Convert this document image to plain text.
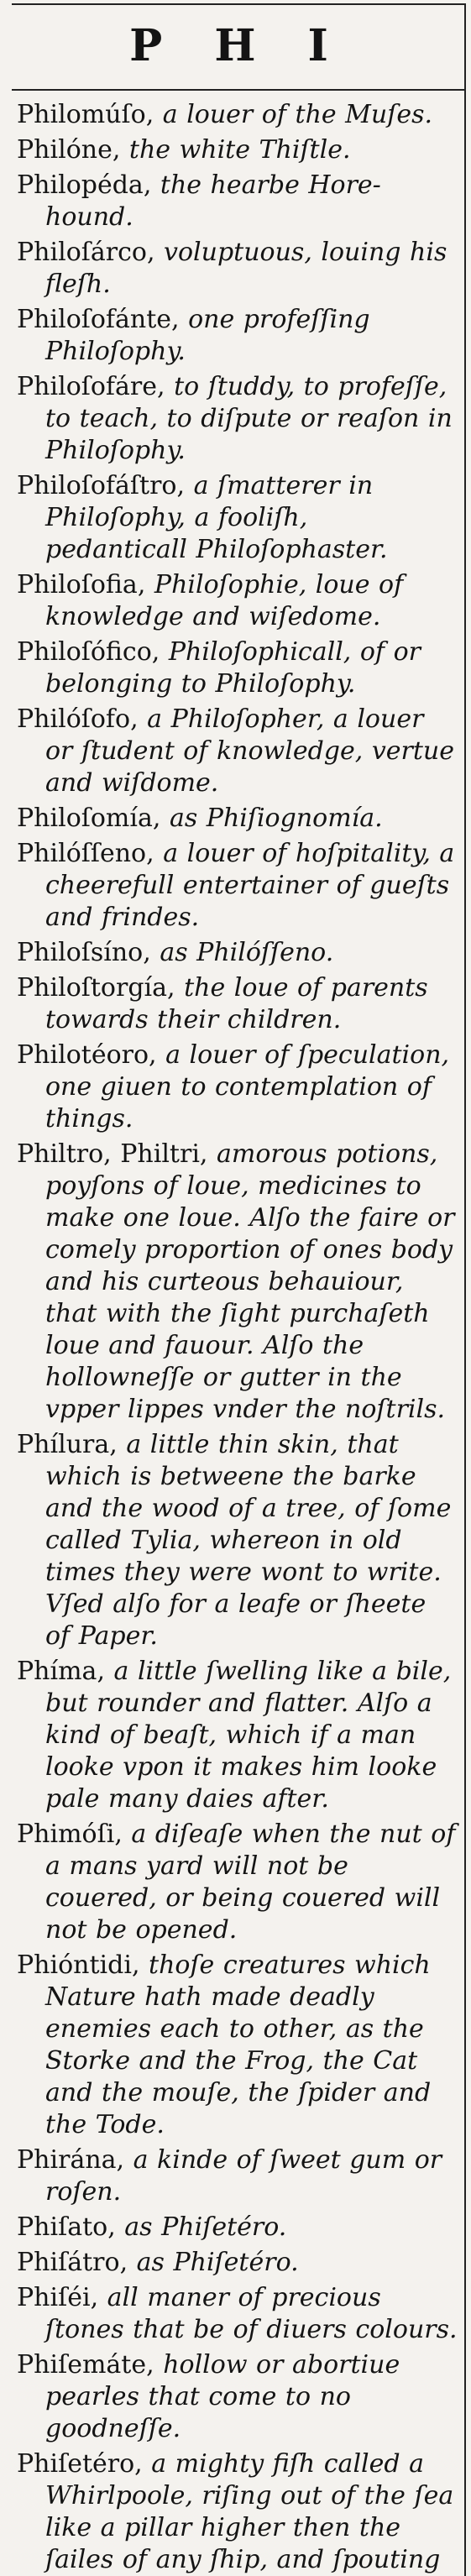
P H I

Philomúſo, a louer of the Muſes.

Philóne, the white Thiſtle.

Philopéda, the hearbe Hore-hound.

Philoſárco, voluptuous, louing his fleſh.

Philoſofánte, one profeſſing Philoſophy.

Philoſofáre, to ſtuddy, to profeſſe, to teach, to diſpute or reaſon in Philoſophy.

Philoſofáſtro, a ſmatterer in Philoſophy, a fooliſh, pedanticall Philoſophaster.

Philoſofia, Philoſophie, loue of knowledge and wiſedome.

Philoſófico, Philoſophicall, of or belonging to Philoſophy.

Philóſofo, a Philoſopher, a louer or ſtudent of knowledge, vertue and wiſdome.

Philoſomía, as Phiſiognomía.

Philóſſeno, a louer of hoſpitality, a cheerefull entertainer of gueſts and frindes.

Philoſsíno, as Philóſſeno.

Philoſtorgía, the loue of parents towards their children.

Philotéoro, a louer of ſpeculation, one giuen to contemplation of things.

Philtro, Philtri, amorous potions, poyſons of loue, medicines to make one loue. Alſo the faire or comely proportion of ones body and his curteous behauiour, that with the ſight purchaſeth loue and fauour. Alſo the hollowneſſe or gutter in the vpper lippes vnder the noſtrils.

Phílura, a little thin skin, that which is betweene the barke and the wood of a tree, of ſome called Tylia, whereon in old times they were wont to write. Vſed alſo for a leafe or ſheete of Paper.

Phíma, a little ſwelling like a bile, but rounder and flatter. Alſo a kind of beaſt, which if a man looke vpon it makes him looke pale many daies after.

Phimóſi, a diſeaſe when the nut of a mans yard will not be couered, or being couered will not be opened.

Phióntidi, thoſe creatures which Nature hath made deadly enemies each to other, as the Storke and the Frog, the Cat and the mouſe, the ſpider and the Tode.

Phirána, a kinde of ſweet gum or roſen.

Phiſato, as Phiſetéro.

Phiſátro, as Phiſetéro.

Phiſéi, all maner of precious ſtones that be of diuers colours.

Phiſemáte, hollow or abortiue pearles that come to no goodneſſe.

Phiſetéro, a mighty fiſh called a Whirlpoole, riſing out of the ſea like a pillar higher then the ſailes of any ſhip, and ſpouting
